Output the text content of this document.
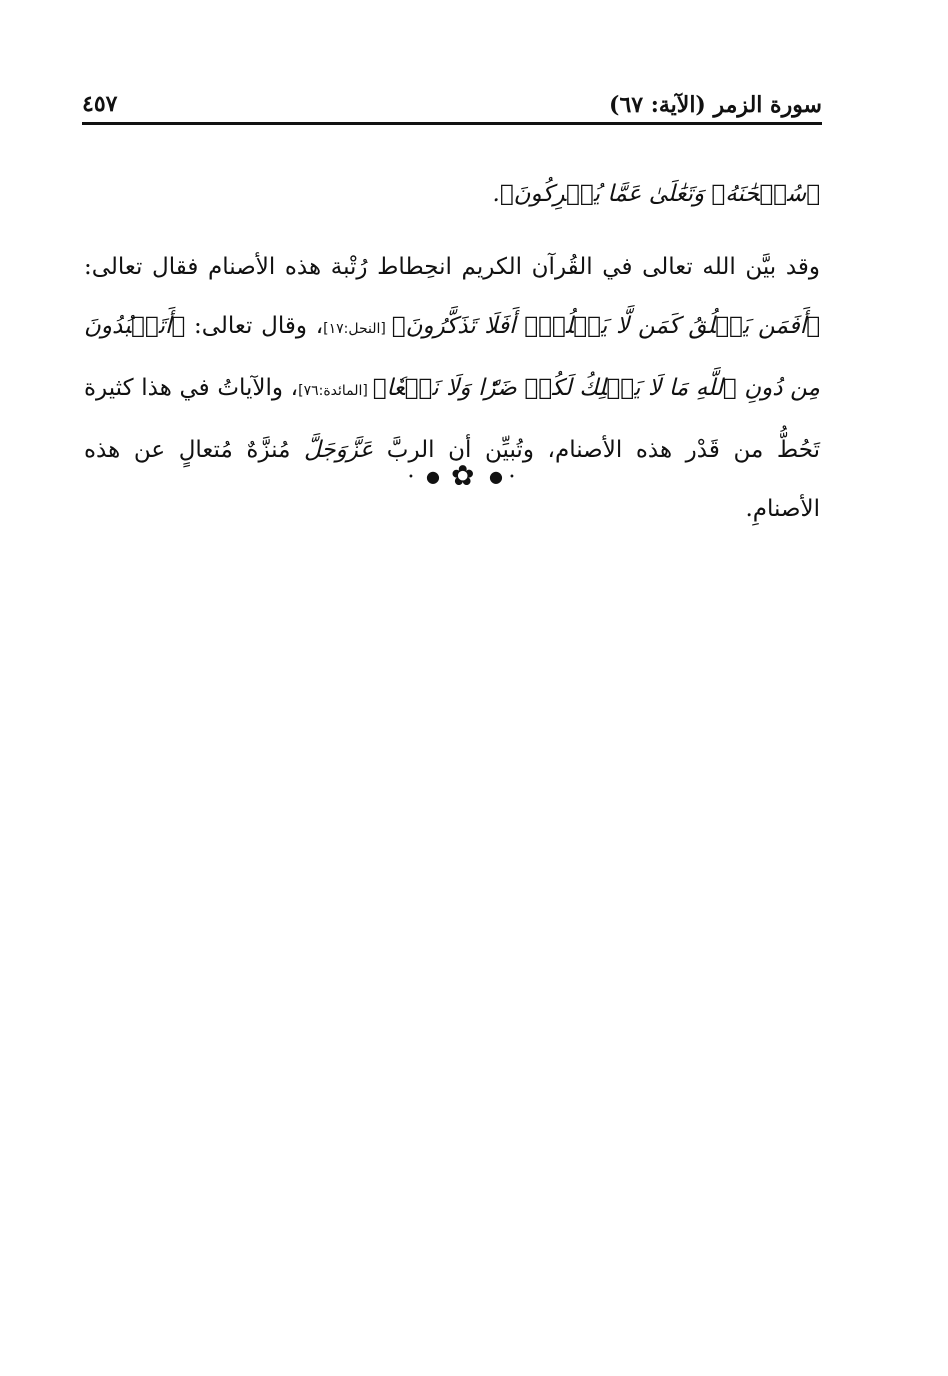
سورة الزمر (الآية: ٦٧)
٤٥٧

﴿سُبۡحَٰنَهُۥ وَتَعَٰلَىٰ عَمَّا يُشۡرِكُونَ﴾.

وقد بيَّن الله تعالى في القُرآن الكريم انحِطاط رُتْبة هذه الأصنام فقال تعالى: ﴿أَفَمَن يَخۡلُقُ كَمَن لَّا يَخۡلُقُۚ أَفَلَا تَذَكَّرُونَ﴾ [النحل:١٧]، وقال تعالى: ﴿أَتَعۡبُدُونَ مِن دُونِ ٱللَّهِ مَا لَا يَمۡلِكُ لَكُمۡ ضَرّٗا وَلَا نَفۡعٗا﴾ [المائدة:٧٦]، والآياتُ في هذا كثيرة تَحُطُّ من قَدْر هذه الأصنام، وتُبيِّن أن الربَّ عَزَّوَجَلَّ مُنزَّهٌ مُتعالٍ عن هذه الأصنامِ.

• ● ✿ ● •
